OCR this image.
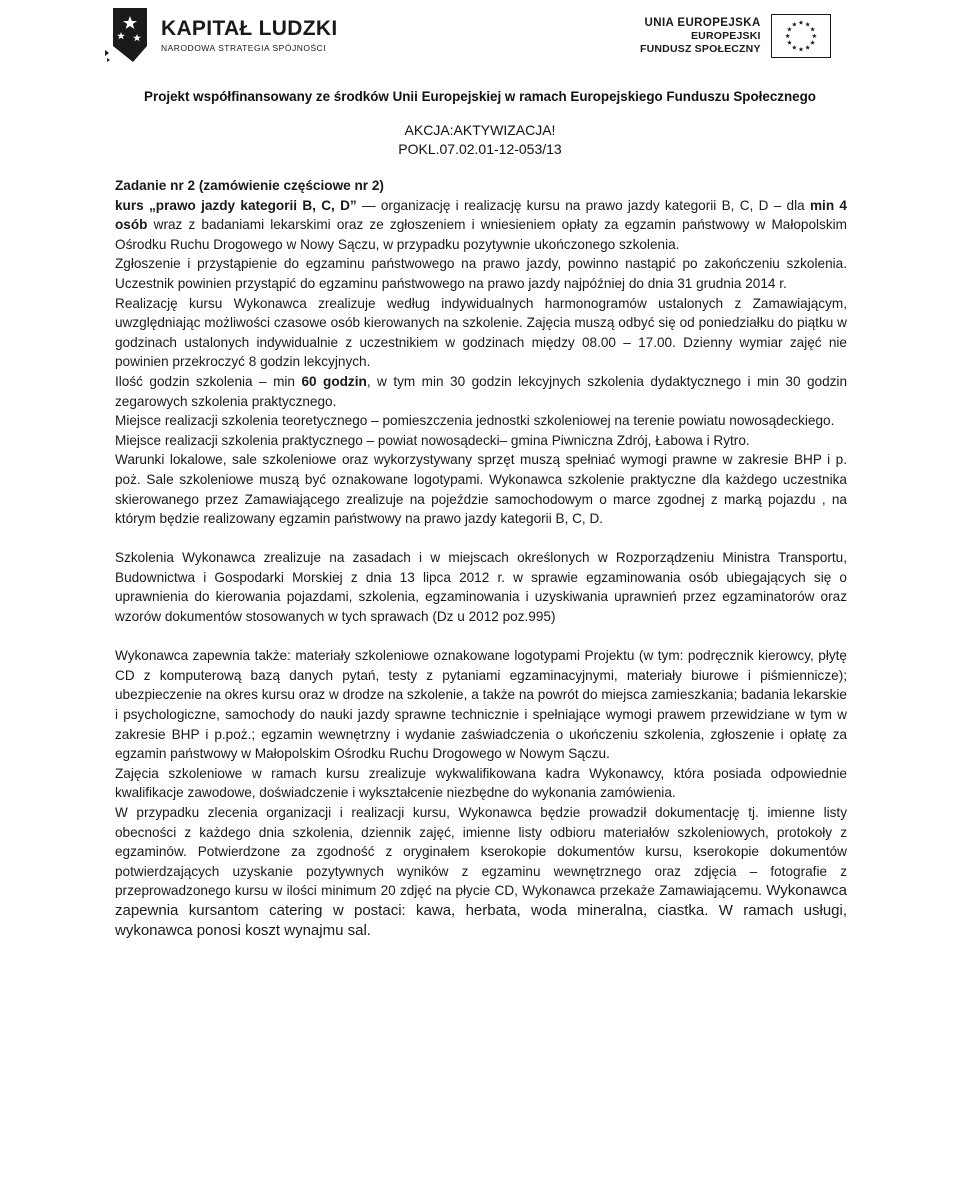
KAPITAŁ LUDZKI
NARODOWA STRATEGIA SPÓJNOŚCI
UNIA EUROPEJSKA
EUROPEJSKI
FUNDUSZ SPOŁECZNY
Projekt współfinansowany ze środków Unii Europejskiej w ramach Europejskiego Funduszu Społecznego
AKCJA:AKTYWIZACJA!
POKL.07.02.01-12-053/13

Zadanie nr 2 (zamówienie częściowe nr 2)

kurs „prawo jazdy kategorii B, C, D” — organizację i realizację kursu na prawo jazdy kategorii B, C, D – dla min 4 osób wraz z badaniami lekarskimi oraz ze zgłoszeniem i wniesieniem opłaty za egzamin państwowy w Małopolskim Ośrodku Ruchu Drogowego w Nowy Sączu, w przypadku pozytywnie ukończonego szkolenia.

Zgłoszenie i przystąpienie do egzaminu państwowego na prawo jazdy, powinno nastąpić po zakończeniu szkolenia. Uczestnik powinien przystąpić do egzaminu państwowego na prawo jazdy najpóźniej do dnia 31 grudnia 2014 r.

Realizację kursu Wykonawca zrealizuje według indywidualnych harmonogramów ustalonych z Zamawiającym, uwzględniając możliwości czasowe osób kierowanych na szkolenie. Zajęcia muszą odbyć się od poniedziałku do piątku w godzinach ustalonych indywidualnie z uczestnikiem w godzinach między 08.00 – 17.00. Dzienny wymiar zajęć nie powinien przekroczyć 8 godzin lekcyjnych.

Ilość godzin szkolenia – min 60 godzin, w tym min 30 godzin lekcyjnych szkolenia dydaktycznego i min 30 godzin zegarowych szkolenia praktycznego.

Miejsce realizacji szkolenia teoretycznego – pomieszczenia jednostki szkoleniowej na terenie powiatu nowosądeckiego.

Miejsce realizacji szkolenia praktycznego – powiat nowosądecki– gmina Piwniczna Zdrój, Łabowa i Rytro.

Warunki lokalowe, sale szkoleniowe oraz wykorzystywany sprzęt muszą spełniać wymogi prawne w zakresie BHP i p. poż. Sale szkoleniowe muszą być oznakowane logotypami. Wykonawca szkolenie praktyczne dla każdego uczestnika skierowanego przez Zamawiającego zrealizuje na pojeździe samochodowym o marce zgodnej z marką pojazdu , na którym będzie realizowany egzamin państwowy na prawo jazdy kategorii B, C, D.

Szkolenia Wykonawca zrealizuje na zasadach i w miejscach określonych w Rozporządzeniu Ministra Transportu, Budownictwa i Gospodarki Morskiej z dnia 13 lipca 2012 r. w sprawie egzaminowania osób ubiegających się o uprawnienia do kierowania pojazdami, szkolenia, egzaminowania i uzyskiwania uprawnień przez egzaminatorów oraz wzorów dokumentów stosowanych w tych sprawach (Dz u 2012 poz.995)

Wykonawca zapewnia także: materiały szkoleniowe oznakowane logotypami Projektu (w tym: podręcznik kierowcy, płytę CD z komputerową bazą danych pytań, testy z pytaniami egzaminacyjnymi, materiały biurowe i piśmiennicze); ubezpieczenie na okres kursu oraz w drodze na szkolenie, a także na powrót do miejsca zamieszkania; badania lekarskie i psychologiczne, samochody do nauki jazdy sprawne technicznie i spełniające wymogi prawem przewidziane w tym w zakresie BHP i p.poż.; egzamin wewnętrzny i wydanie zaświadczenia o ukończeniu szkolenia, zgłoszenie i opłatę za egzamin państwowy w Małopolskim Ośrodku Ruchu Drogowego w Nowym Sączu.

Zajęcia szkoleniowe w ramach kursu zrealizuje wykwalifikowana kadra Wykonawcy, która posiada odpowiednie kwalifikacje zawodowe, doświadczenie i wykształcenie niezbędne do wykonania zamówienia.

W przypadku zlecenia organizacji i realizacji kursu, Wykonawca będzie prowadził dokumentację tj. imienne listy obecności z każdego dnia szkolenia, dziennik zajęć, imienne listy odbioru materiałów szkoleniowych, protokoły z egzaminów. Potwierdzone za zgodność z oryginałem kserokopie dokumentów kursu, kserokopie dokumentów potwierdzających uzyskanie pozytywnych wyników z egzaminu wewnętrznego oraz zdjęcia – fotografie z przeprowadzonego kursu w ilości minimum 20 zdjęć na płycie CD, Wykonawca przekaże Zamawiającemu. Wykonawca zapewnia kursantom catering w postaci: kawa, herbata, woda mineralna, ciastka. W ramach usługi, wykonawca ponosi koszt wynajmu sal.
